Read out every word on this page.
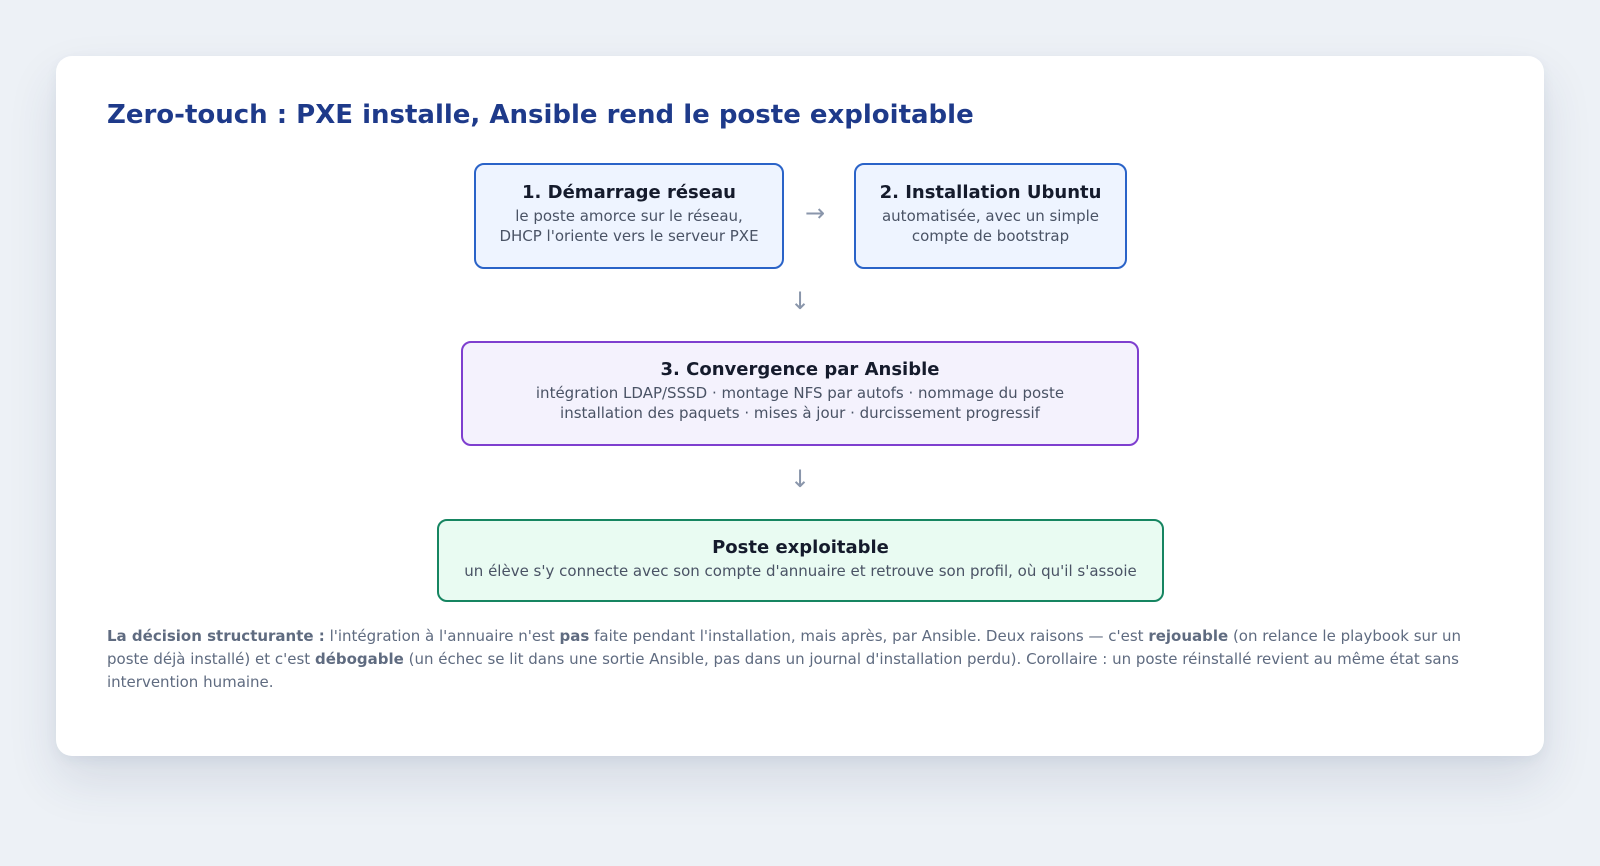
Zero-touch : PXE installe, Ansible rend le poste exploitable
1. Démarrage réseau
le poste amorce sur le réseau,
DHCP l'oriente vers le serveur PXE
→
2. Installation Ubuntu
automatisée, avec un simple
compte de bootstrap
↓
3. Convergence par Ansible
intégration LDAP/SSSD · montage NFS par autofs · nommage du poste
installation des paquets · mises à jour · durcissement progressif
↓
Poste exploitable
un élève s'y connecte avec son compte d'annuaire et retrouve son profil, où qu'il s'assoie

La décision structurante : l'intégration à l'annuaire n'est pas faite pendant l'installation, mais après, par Ansible. Deux raisons — c'est rejouable (on relance le playbook sur un poste déjà installé) et c'est débogable (un échec se lit dans une sortie Ansible, pas dans un journal d'installation perdu). Corollaire : un poste réinstallé revient au même état sans intervention humaine.
